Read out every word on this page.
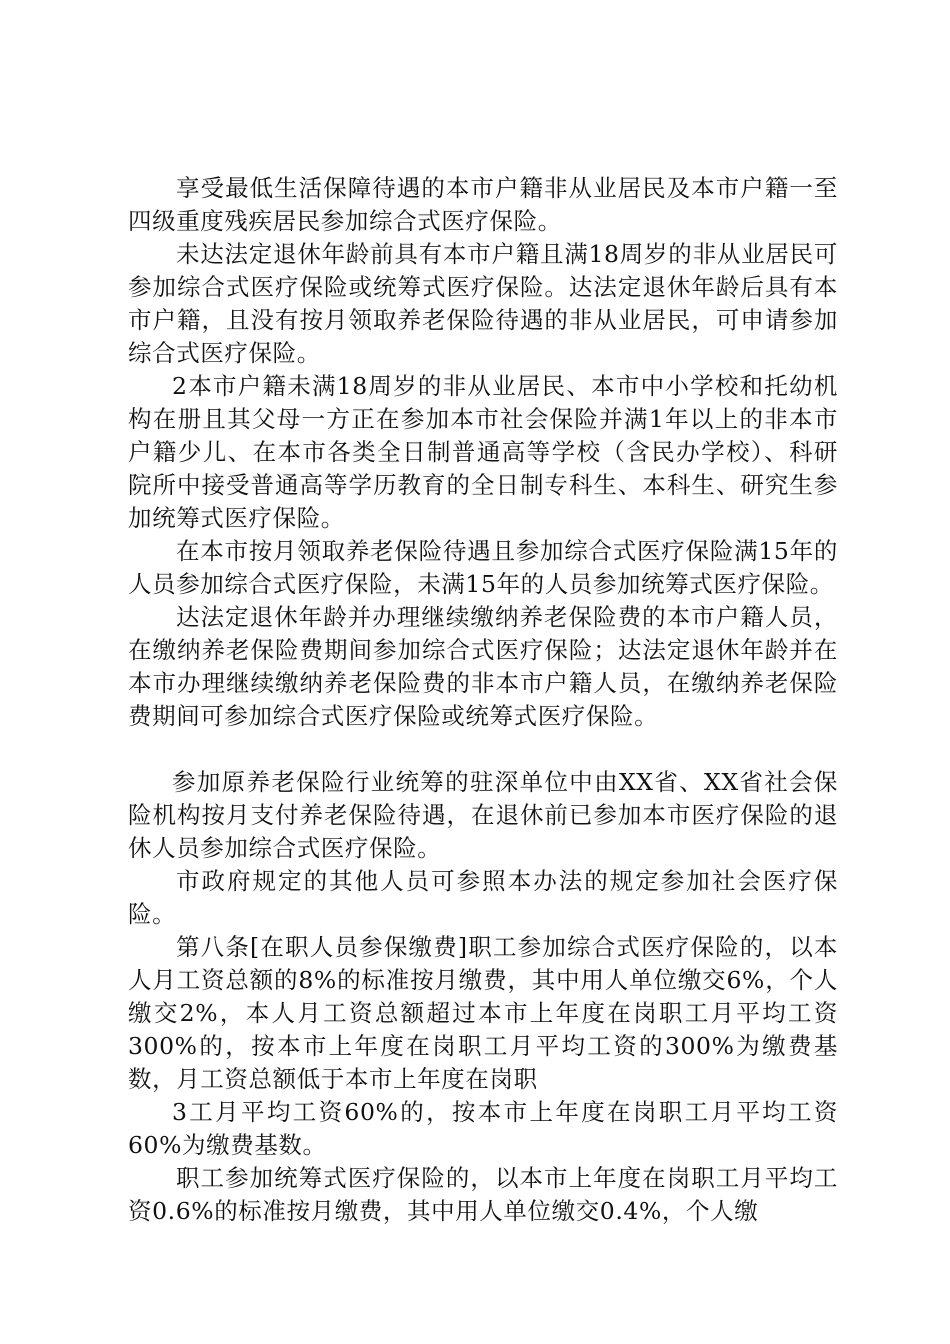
享受最低生活保障待遇的本市户籍非从业居民及本市户籍一至四级重度残疾居民参加综合式医疗保险。

未达法定退休年龄前具有本市户籍且满18周岁的非从业居民可参加综合式医疗保险或统筹式医疗保险。达法定退休年龄后具有本市户籍，且没有按月领取养老保险待遇的非从业居民，可申请参加综合式医疗保险。

2本市户籍未满18周岁的非从业居民、本市中小学校和托幼机构在册且其父母一方正在参加本市社会保险并满1年以上的非本市户籍少儿、在本市各类全日制普通高等学校（含民办学校）、科研院所中接受普通高等学历教育的全日制专科生、本科生、研究生参加统筹式医疗保险。

在本市按月领取养老保险待遇且参加综合式医疗保险满15年的人员参加综合式医疗保险，未满15年的人员参加统筹式医疗保险。

达法定退休年龄并办理继续缴纳养老保险费的本市户籍人员，在缴纳养老保险费期间参加综合式医疗保险；达法定退休年龄并在本市办理继续缴纳养老保险费的非本市户籍人员，在缴纳养老保险费期间可参加综合式医疗保险或统筹式医疗保险。

参加原养老保险行业统筹的驻深单位中由XX省、XX省社会保险机构按月支付养老保险待遇，在退休前已参加本市医疗保险的退休人员参加综合式医疗保险。

市政府规定的其他人员可参照本办法的规定参加社会医疗保险。

第八条[在职人员参保缴费]职工参加综合式医疗保险的，以本人月工资总额的8%的标准按月缴费，其中用人单位缴交6%，个人缴交2%，本人月工资总额超过本市上年度在岗职工月平均工资300%的，按本市上年度在岗职工月平均工资的300%为缴费基数，月工资总额低于本市上年度在岗职

3工月平均工资60%的，按本市上年度在岗职工月平均工资60%为缴费基数。

职工参加统筹式医疗保险的，以本市上年度在岗职工月平均工资0.6%的标准按月缴费，其中用人单位缴交0.4%，个人缴
